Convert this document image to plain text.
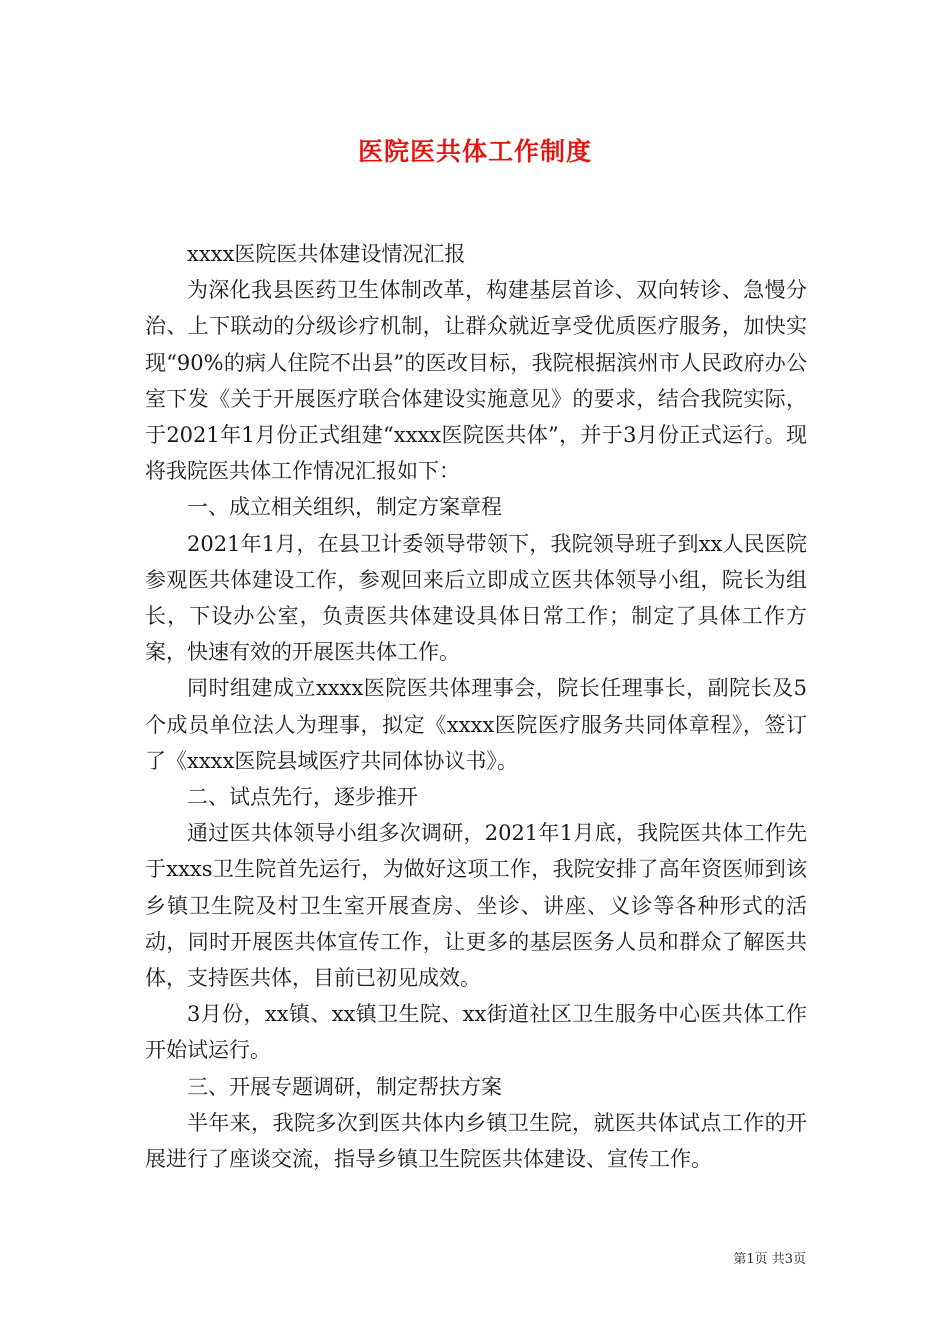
医院医共体工作制度

xxxx医院医共体建设情况汇报

为深化我县医药卫生体制改革，构建基层首诊、双向转诊、急慢分治、上下联动的分级诊疗机制，让群众就近享受优质医疗服务，加快实现“90%的病人住院不出县”的医改目标，我院根据滨州市人民政府办公室下发《关于开展医疗联合体建设实施意见》的要求，结合我院实际，于2021年1月份正式组建“xxxx医院医共体”，并于3月份正式运行。现将我院医共体工作情况汇报如下：

一、成立相关组织，制定方案章程

2021年1月，在县卫计委领导带领下，我院领导班子到xx人民医院参观医共体建设工作，参观回来后立即成立医共体领导小组，院长为组长，下设办公室，负责医共体建设具体日常工作；制定了具体工作方案，快速有效的开展医共体工作。

同时组建成立xxxx医院医共体理事会，院长任理事长，副院长及5个成员单位法人为理事，拟定《xxxx医院医疗服务共同体章程》，签订了《xxxx医院县域医疗共同体协议书》。

二、试点先行，逐步推开

通过医共体领导小组多次调研，2021年1月底，我院医共体工作先于xxxs卫生院首先运行，为做好这项工作，我院安排了高年资医师到该乡镇卫生院及村卫生室开展查房、坐诊、讲座、义诊等各种形式的活动，同时开展医共体宣传工作，让更多的基层医务人员和群众了解医共体，支持医共体，目前已初见成效。

3月份，xx镇、xx镇卫生院、xx街道社区卫生服务中心医共体工作开始试运行。

三、开展专题调研，制定帮扶方案

半年来，我院多次到医共体内乡镇卫生院，就医共体试点工作的开展进行了座谈交流，指导乡镇卫生院医共体建设、宣传工作。

第1页 共3页
